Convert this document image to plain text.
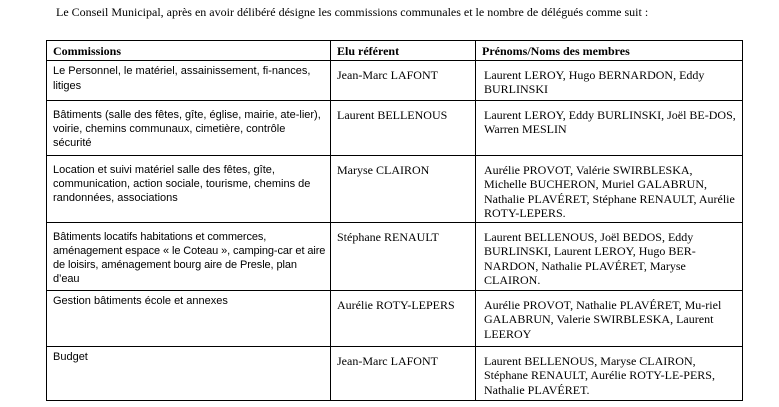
Le Conseil Municipal, après en avoir délibéré désigne les commissions communales et le nombre de délégués comme suit :
Commissions	Elu référent	Prénoms/Noms des membres
Le Personnel, le matériel, assainissement, fi-nances, litiges	Jean-Marc LAFONT	Laurent LEROY, Hugo BERNARDON, Eddy BURLINSKI

Bâtiments (salle des fêtes, gîte, église, mairie, ate-lier), voirie, chemins communaux, cimetière, contrôle sécurité	Laurent BELLENOUS	Laurent LEROY, Eddy BURLINSKI, Joël BE-DOS, Warren MESLIN

Location et suivi matériel salle des fêtes, gîte, communication, action sociale, tourisme, chemins de randonnées, associations	Maryse CLAIRON	Aurélie PROVOT, Valérie SWIRBLESKA, Michelle BUCHERON, Muriel GALABRUN, Nathalie PLAVÉRET, Stéphane RENAULT, Aurélie ROTY-LEPERS.

Bâtiments locatifs habitations et commerces, aménagement espace « le Coteau », camping-car et aire de loisirs, aménagement bourg aire de Presle, plan d’eau	Stéphane RENAULT	Laurent BELLENOUS, Joël BEDOS, Eddy BURLINSKI, Laurent LEROY, Hugo BER-NARDON, Nathalie PLAVÉRET, Maryse CLAIRON.

Gestion bâtiments école et annexes	Aurélie ROTY-LEPERS	Aurélie PROVOT, Nathalie PLAVÉRET, Mu-riel GALABRUN, Valerie SWIRBLESKA, Laurent LEEROY

Budget	Jean-Marc LAFONT	Laurent BELLENOUS, Maryse CLAIRON, Stéphane RENAULT, Aurélie ROTY-LE-PERS, Nathalie PLAVÉRET.
